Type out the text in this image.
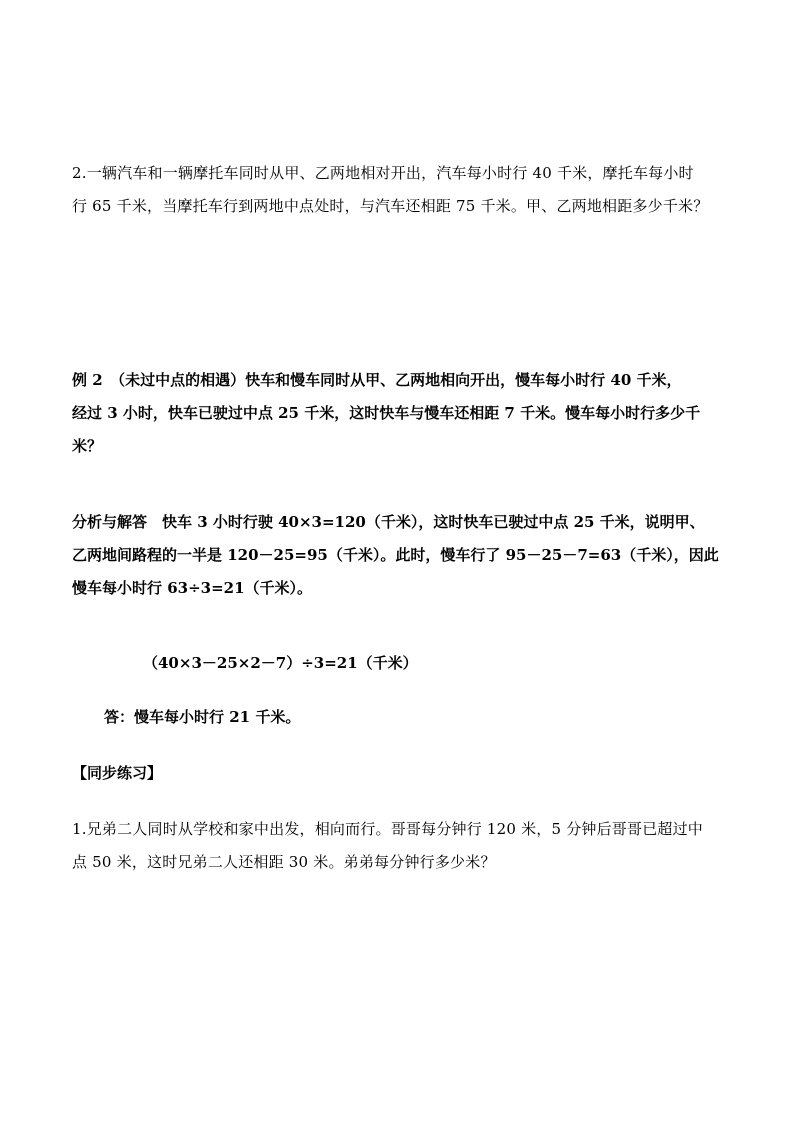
2.一辆汽车和一辆摩托车同时从甲、乙两地相对开出，汽车每小时行 40 千米，摩托车每小时
行 65 千米，当摩托车行到两地中点处时，与汽车还相距 75 千米。甲、乙两地相距多少千米？
例 2　（未过中点的相遇）快车和慢车同时从甲、乙两地相向开出，慢车每小时行 40 千米，
经过 3 小时，快车已驶过中点 25 千米，这时快车与慢车还相距 7 千米。慢车每小时行多少千
米？
分析与解答　快车 3 小时行驶 40×3=120（千米），这时快车已驶过中点 25 千米，说明甲、
乙两地间路程的一半是 120－25=95（千米）。此时，慢车行了 95－25－7=63（千米），因此
慢车每小时行 63÷3=21（千米）。
（40×3－25×2－7）÷3=21（千米）
答：慢车每小时行 21 千米。
【同步练习】
1.兄弟二人同时从学校和家中出发，相向而行。哥哥每分钟行 120 米，5 分钟后哥哥已超过中
点 50 米，这时兄弟二人还相距 30 米。弟弟每分钟行多少米？
